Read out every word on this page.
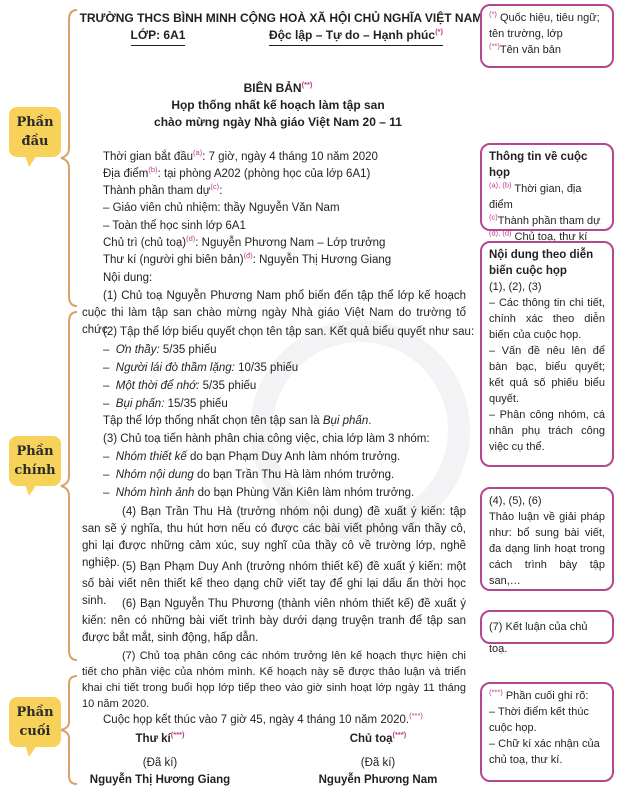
Phần
đầu
Phần
chính
Phần
cuối
TRƯỜNG THCS BÌNH MINH
LỚP: 6A1
CỘNG HOÀ XÃ HỘI CHỦ NGHĨA VIỆT NAM
Độc lập – Tự do – Hạnh phúc(*)
BIÊN BẢN(**)
Họp thống nhất kế hoạch làm tập san
chào mừng ngày Nhà giáo Việt Nam 20 – 11
Thời gian bắt đầu$^{(a)}$: 7 giờ, ngày 4 tháng 10 năm 2020
Địa điểm$^{(b)}$: tại phòng A202 (phòng học của lớp 6A1)
Thành phần tham dự$^{(c)}$:
– Giáo viên chủ nhiệm: thầy Nguyễn Văn Nam
– Toàn thể học sinh lớp 6A1
Chủ trì (chủ toạ)$^{(d)}$: Nguyễn Phương Nam – Lớp trưởng
Thư kí (người ghi biên bản)$^{(đ)}$: Nguyễn Thị Hương Giang
Nội dung:
(1) Chủ toạ Nguyễn Phương Nam phổ biến đến tập thể lớp kế hoạch cuộc thi làm tập san chào mừng ngày Nhà giáo Việt Nam do trường tổ chức.
(2) Tập thể lớp biểu quyết chọn tên tập san. Kết quả biểu quyết như sau:
–  Ơn thầy: 5/35 phiếu
–  Người lái đò thầm lặng: 10/35 phiếu
–  Một thời để nhớ: 5/35 phiếu
–  Bụi phấn: 15/35 phiếu
Tập thể lớp thống nhất chọn tên tập san là Bụi phấn.
(3) Chủ toạ tiến hành phân chia công việc, chia lớp làm 3 nhóm:
–  Nhóm thiết kế do bạn Phạm Duy Anh làm nhóm trưởng.
–  Nhóm nội dung do bạn Trần Thu Hà làm nhóm trưởng.
–  Nhóm hình ảnh do bạn Phùng Văn Kiên làm nhóm trưởng.
(4) Bạn Trần Thu Hà (trưởng nhóm nội dung) đề xuất ý kiến: tập san sẽ ý nghĩa, thu hút hơn nếu có được các bài viết phỏng vấn thầy cô, ghi lại được những cảm xúc, suy nghĩ của thầy cô về trường lớp, nghề nghiệp. (5) Bạn Phạm Duy Anh (trưởng nhóm thiết kế) đề xuất ý kiến: một số bài viết nên thiết kế theo dạng chữ viết tay để ghi lại dấu ấn thời học sinh.	(6) Bạn Nguyễn Thu Phương (thành viên nhóm thiết kế) đề xuất ý kiến: nên có những bài viết trình bày dưới dạng truyện tranh để tập san được bắt mắt, sinh động, hấp dẫn.
(7) Chủ toạ phân công các nhóm trưởng lên kế hoạch thực hiện chi tiết cho phần việc của nhóm mình. Kế hoạch này sẽ được thảo luận và triển khai chi tiết trong buổi họp lớp tiếp theo vào giờ sinh hoạt lớp ngày 11 tháng 10 năm 2020.
Cuộc họp kết thúc vào 7 giờ 45, ngày 4 tháng 10 năm 2020.(***)
Thư kí(***)	Chủ toạ(***)
(Đã kí)	(Đã kí)
Nguyễn Thị Hương Giang	Nguyễn Phương Nam
(*) Quốc hiệu, tiêu ngữ; tên trường, lớp
(**)Tên văn bản
Thông tin về cuộc họp
$^{(a), (b)}$ Thời gian, địa điểm
$^{(c)}$Thành phần tham dự
$^{(d), (đ)}$ Chủ toạ, thư kí
Nội dung theo diễn biến cuộc họp
(1), (2), (3)
– Các thông tin chi tiết, chính xác theo diễn biến của cuộc họp.
– Vấn đề nêu lên để bàn bạc, biểu quyết; kết quả số phiếu biểu quyết.
– Phân công nhóm, cá nhân phụ trách công việc cụ thể.
(4), (5), (6)
Thảo luận về giải pháp như: bổ sung bài viết, đa dạng linh hoạt trong cách trình bày tập san,…
(7) Kết luận của chủ toạ.
(***) Phần cuối ghi rõ:
– Thời điểm kết thúc cuộc họp.
– Chữ kí xác nhận của chủ toạ, thư kí.
